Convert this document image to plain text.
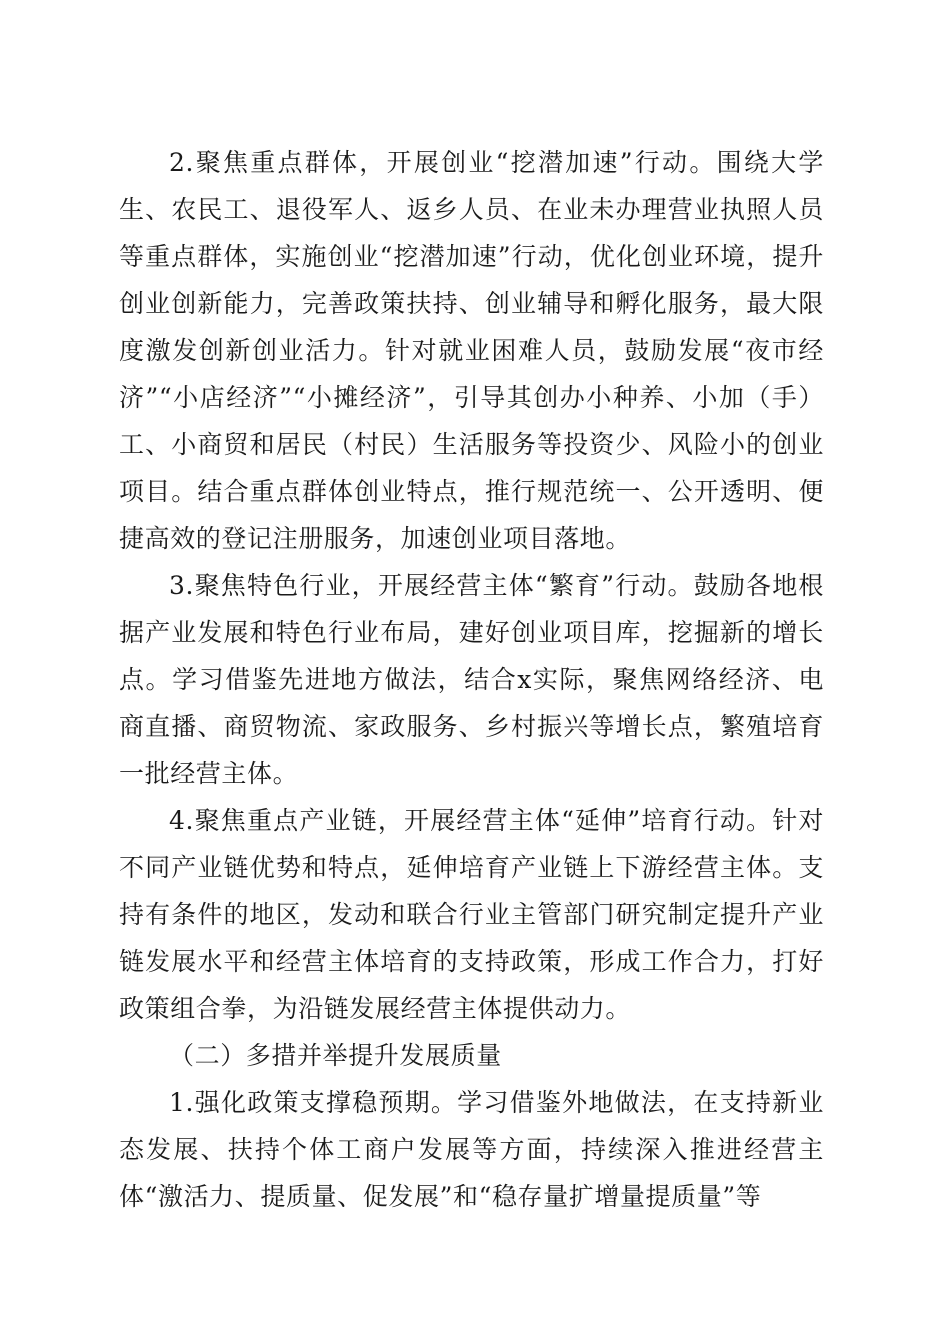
2.聚焦重点群体，开展创业“挖潜加速”行动。围绕大学生、农民工、退役军人、返乡人员、在业未办理营业执照人员等重点群体，实施创业“挖潜加速”行动，优化创业环境，提升创业创新能力，完善政策扶持、创业辅导和孵化服务，最大限度激发创新创业活力。针对就业困难人员，鼓励发展“夜市经济”“小店经济”“小摊经济”，引导其创办小种养、小加（手）工、小商贸和居民（村民）生活服务等投资少、风险小的创业项目。结合重点群体创业特点，推行规范统一、公开透明、便捷高效的登记注册服务，加速创业项目落地。

3.聚焦特色行业，开展经营主体“繁育”行动。鼓励各地根据产业发展和特色行业布局，建好创业项目库，挖掘新的增长点。学习借鉴先进地方做法，结合x实际，聚焦网络经济、电商直播、商贸物流、家政服务、乡村振兴等增长点，繁殖培育一批经营主体。

4.聚焦重点产业链，开展经营主体“延伸”培育行动。针对不同产业链优势和特点，延伸培育产业链上下游经营主体。支持有条件的地区，发动和联合行业主管部门研究制定提升产业链发展水平和经营主体培育的支持政策，形成工作合力，打好政策组合拳，为沿链发展经营主体提供动力。

（二）多措并举提升发展质量

1.强化政策支撑稳预期。学习借鉴外地做法，在支持新业态发展、扶持个体工商户发展等方面，持续深入推进经营主体“激活力、提质量、促发展”和“稳存量扩增量提质量”等
